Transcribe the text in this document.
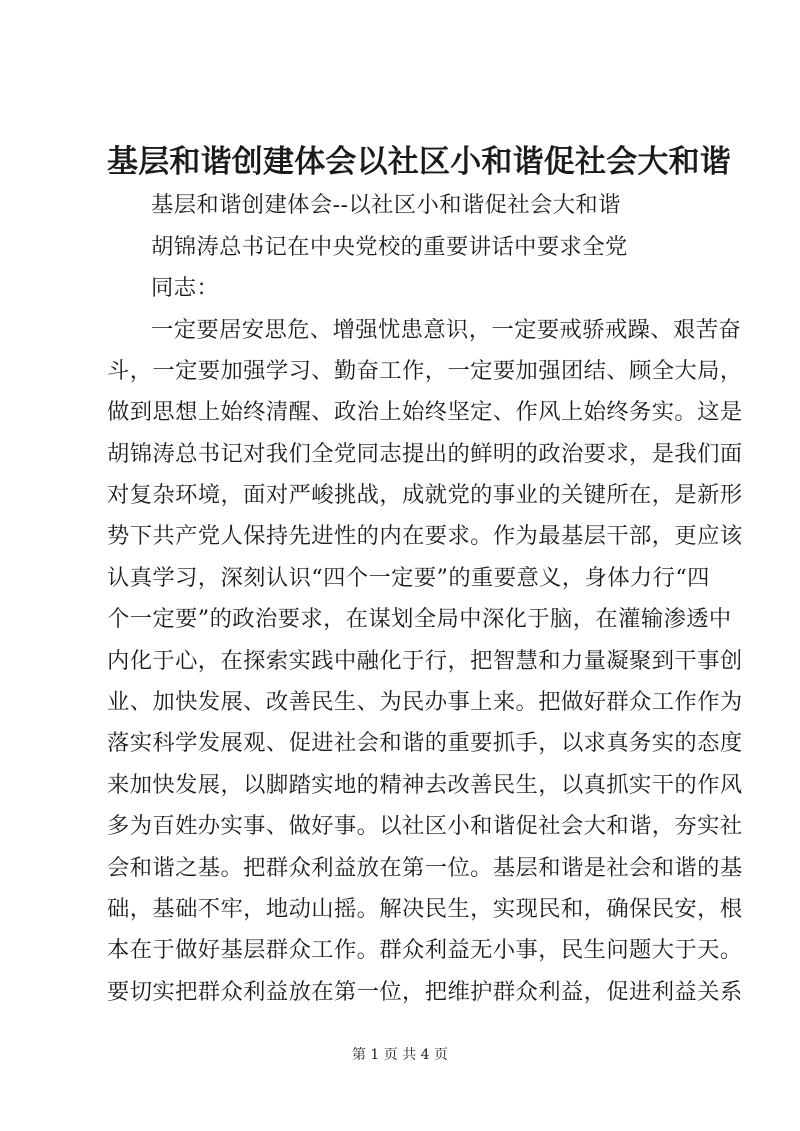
基层和谐创建体会以社区小和谐促社会大和谐
基层和谐创建体会--以社区小和谐促社会大和谐
胡锦涛总书记在中央党校的重要讲话中要求全党
同志：
一定要居安思危、增强忧患意识，一定要戒骄戒躁、艰苦奋
斗，一定要加强学习、勤奋工作，一定要加强团结、顾全大局，
做到思想上始终清醒、政治上始终坚定、作风上始终务实。这是
胡锦涛总书记对我们全党同志提出的鲜明的政治要求，是我们面
对复杂环境，面对严峻挑战，成就党的事业的关键所在，是新形
势下共产党人保持先进性的内在要求。作为最基层干部，更应该
认真学习，深刻认识“四个一定要”的重要意义，身体力行“四
个一定要”的政治要求，在谋划全局中深化于脑，在灌输渗透中
内化于心，在探索实践中融化于行，把智慧和力量凝聚到干事创
业、加快发展、改善民生、为民办事上来。把做好群众工作作为
落实科学发展观、促进社会和谐的重要抓手，以求真务实的态度
来加快发展，以脚踏实地的精神去改善民生，以真抓实干的作风
多为百姓办实事、做好事。以社区小和谐促社会大和谐，夯实社
会和谐之基。把群众利益放在第一位。基层和谐是社会和谐的基
础，基础不牢，地动山摇。解决民生，实现民和，确保民安，根
本在于做好基层群众工作。群众利益无小事，民生问题大于天。
要切实把群众利益放在第一位，把维护群众利益，促进利益关系
第 1 页 共 4 页
